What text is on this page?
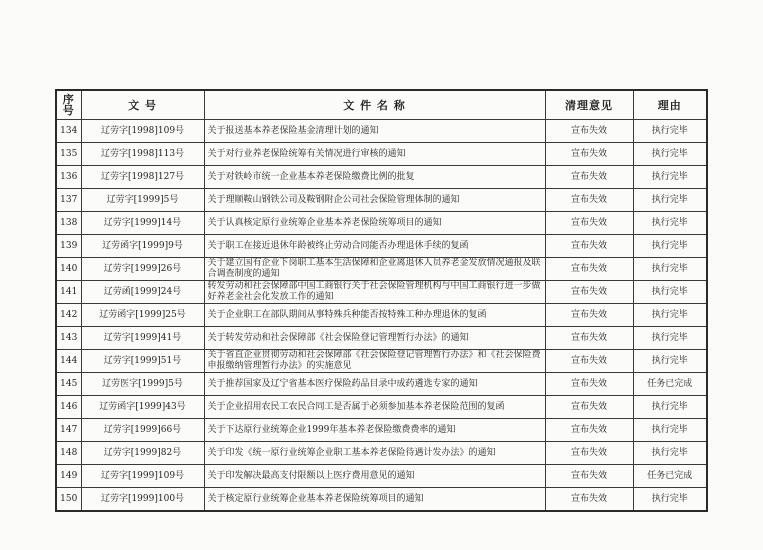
序号	文 号	文 件 名 称	清理意见	理由
134	辽劳字[1998]109号	关于报送基本养老保险基金清理计划的通知	宣布失效	执行完毕
135	辽劳字[1998]113号	关于对行业养老保险统筹有关情况进行审核的通知	宣布失效	执行完毕
136	辽劳字[1998]127号	关于对铁岭市统一企业基本养老保险缴费比例的批复	宣布失效	执行完毕
137	辽劳字[1999]5号	关于理顺鞍山钢铁公司及鞍钢附企公司社会保险管理体制的通知	宣布失效	执行完毕
138	辽劳字[1999]14号	关于认真核定原行业统筹企业基本养老保险统筹项目的通知	宣布失效	执行完毕
139	辽劳函字[1999]9号	关于职工在接近退休年龄被终止劳动合同能否办理退休手续的复函	宣布失效	执行完毕
140	辽劳字[1999]26号	关于建立国有企业下岗职工基本生活保障和企业离退休人员养老金发放情况通报及联合调查制度的通知	宣布失效	执行完毕
141	辽劳函[1999]24号	转发劳动和社会保障部中国工商银行关于社会保险管理机构与中国工商银行进一步做好养老金社会化发放工作的通知	宣布失效	执行完毕
142	辽劳函字[1999]25号	关于企业职工在部队期间从事特殊兵种能否按特殊工种办理退休的复函	宣布失效	执行完毕
143	辽劳字[1999]41号	关于转发劳动和社会保障部《社会保险登记管理暂行办法》的通知	宣布失效	执行完毕
144	辽劳字[1999]51号	关于省直企业贯彻劳动和社会保障部《社会保险登记管理暂行办法》和《社会保险费申报缴纳管理暂行办法》的实施意见	宣布失效	执行完毕
145	辽劳医字[1999]5号	关于推荐国家及辽宁省基本医疗保险药品目录中成药遴选专家的通知	宣布失效	任务已完成
146	辽劳函字[1999]43号	关于企业招用农民工农民合同工是否属于必须参加基本养老保险范围的复函	宣布失效	执行完毕
147	辽劳字[1999]66号	关于下达原行业统筹企业1999年基本养老保险缴费费率的通知	宣布失效	执行完毕
148	辽劳字[1999]82号	关于印发《统一原行业统筹企业职工基本养老保险待遇计发办法》的通知	宣布失效	执行完毕
149	辽劳字[1999]109号	关于印发解决最高支付限额以上医疗费用意见的通知	宣布失效	任务已完成
150	辽劳字[1999]100号	关于核定原行业统筹企业基本养老保险统筹项目的通知	宣布失效	执行完毕
